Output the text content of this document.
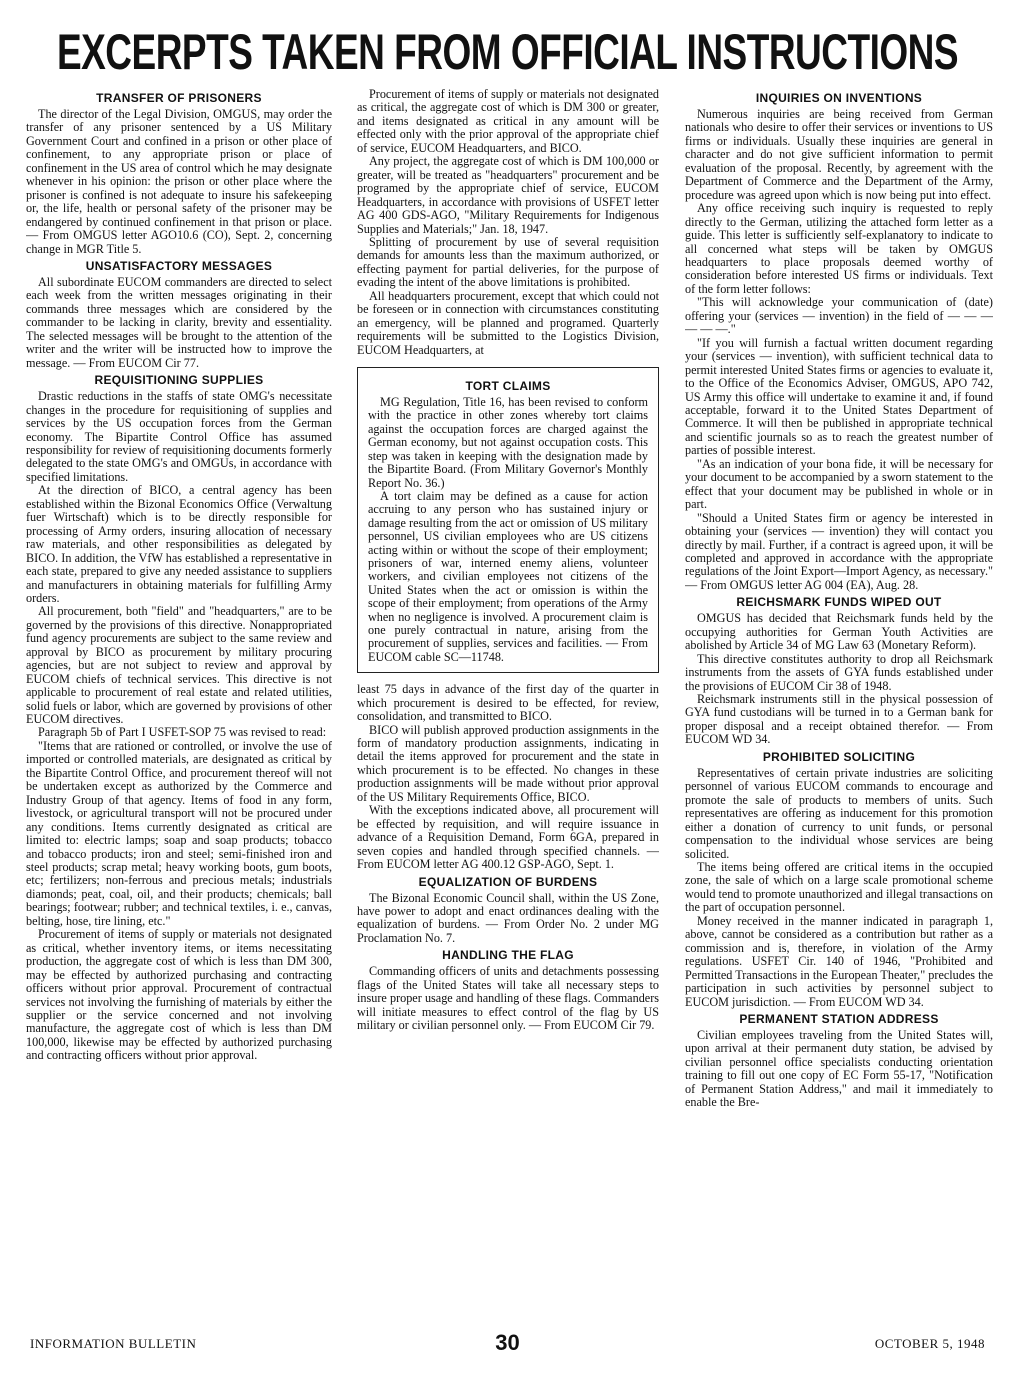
EXCERPTS TAKEN FROM OFFICIAL INSTRUCTIONS
TRANSFER OF PRISONERS

The director of the Legal Division, OMGUS, may order the transfer of any prisoner sentenced by a US Military Government Court and confined in a prison or other place of confinement, to any appropriate prison or place of confinement in the US area of control which he may designate whenever in his opinion: the prison or other place where the prisoner is confined is not adequate to insure his safekeeping or, the life, health or personal safety of the prisoner may be endangered by continued confinement in that prison or place. — From OMGUS letter AGO10.6 (CO), Sept. 2, concerning change in MGR Title 5.

UNSATISFACTORY MESSAGES

All subordinate EUCOM commanders are directed to select each week from the written messages originating in their commands three messages which are considered by the commander to be lacking in clarity, brevity and essentiality. The selected messages will be brought to the attention of the writer and the writer will be instructed how to improve the message. — From EUCOM Cir 77.

REQUISITIONING SUPPLIES

Drastic reductions in the staffs of state OMG's necessitate changes in the procedure for requisitioning of supplies and services by the US occupation forces from the German economy. The Bipartite Control Office has assumed responsibility for review of requisitioning documents formerly delegated to the state OMG's and OMGUs, in accordance with specified limitations.

At the direction of BICO, a central agency has been established within the Bizonal Economics Office (Verwaltung fuer Wirtschaft) which is to be directly responsible for processing of Army orders, insuring allocation of necessary raw materials, and other responsibilities as delegated by BICO. In addition, the VfW has established a representative in each state, prepared to give any needed assistance to suppliers and manufacturers in obtaining materials for fulfilling Army orders.

All procurement, both "field" and "headquarters," are to be governed by the provisions of this directive. Nonappropriated fund agency procurements are subject to the same review and approval by BICO as procurement by military procuring agencies, but are not subject to review and approval by EUCOM chiefs of technical services. This directive is not applicable to procurement of real estate and related utilities, solid fuels or labor, which are governed by provisions of other EUCOM directives.

Paragraph 5b of Part I USFET-SOP 75 was revised to read:

"Items that are rationed or controlled, or involve the use of imported or controlled materials, are designated as critical by the Bipartite Control Office, and procurement thereof will not be undertaken except as authorized by the Commerce and Industry Group of that agency. Items of food in any form, livestock, or agricultural transport will not be procured under any conditions. Items currently designated as critical are limited to: electric lamps; soap and soap products; tobacco and tobacco products; iron and steel; semi-finished iron and steel products; scrap metal; heavy working boots, gum boots, etc; fertilizers; non-ferrous and precious metals; industrials diamonds; peat, coal, oil, and their products; chemicals; ball bearings; footwear; rubber; and technical textiles, i. e., canvas, belting, hose, tire lining, etc."

Procurement of items of supply or materials not designated as critical, whether inventory items, or items necessitating production, the aggregate cost of which is less than DM 300, may be effected by authorized purchasing and contracting officers without prior approval. Procurement of contractual services not involving the furnishing of materials by either the supplier or the service concerned and not involving manufacture, the aggregate cost of which is less than DM 100,000, likewise may be effected by authorized purchasing and contracting officers without prior approval.

Procurement of items of supply or materials not designated as critical, the aggregate cost of which is DM 300 or greater, and items designated as critical in any amount will be effected only with the prior approval of the appropriate chief of service, EUCOM Headquarters, and BICO.

Any project, the aggregate cost of which is DM 100,000 or greater, will be treated as "headquarters" procurement and be programed by the appropriate chief of service, EUCOM Headquarters, in accordance with provisions of USFET letter AG 400 GDS-AGO, "Military Requirements for Indigenous Supplies and Materials;" Jan. 18, 1947.

Splitting of procurement by use of several requisition demands for amounts less than the maximum authorized, or effecting payment for partial deliveries, for the purpose of evading the intent of the above limitations is prohibited.

All headquarters procurement, except that which could not be foreseen or in connection with circumstances constituting an emergency, will be planned and programed. Quarterly requirements will be submitted to the Logistics Division, EUCOM Headquarters, at

TORT CLAIMS

MG Regulation, Title 16, has been revised to conform with the practice in other zones whereby tort claims against the occupation forces are charged against the German economy, but not against occupation costs. This step was taken in keeping with the designation made by the Bipartite Board. (From Military Governor's Monthly Report No. 36.)

A tort claim may be defined as a cause for action accruing to any person who has sustained injury or damage resulting from the act or omission of US military personnel, US civilian employees who are US citizens acting within or without the scope of their employment; prisoners of war, interned enemy aliens, volunteer workers, and civilian employees not citizens of the United States when the act or omission is within the scope of their employment; from operations of the Army when no negligence is involved. A procurement claim is one purely contractual in nature, arising from the procurement of supplies, services and facilities. — From EUCOM cable SC—11748.

least 75 days in advance of the first day of the quarter in which procurement is desired to be effected, for review, consolidation, and transmitted to BICO.

BICO will publish approved production assignments in the form of mandatory production assignments, indicating in detail the items approved for procurement and the state in which procurement is to be effected. No changes in these production assignments will be made without prior approval of the US Military Requirements Office, BICO.

With the exceptions indicated above, all procurement will be effected by requisition, and will require issuance in advance of a Requisition Demand, Form 6GA, prepared in seven copies and handled through specified channels. — From EUCOM letter AG 400.12 GSP-AGO, Sept. 1.

EQUALIZATION OF BURDENS

The Bizonal Economic Council shall, within the US Zone, have power to adopt and enact ordinances dealing with the equalization of burdens. — From Order No. 2 under MG Proclamation No. 7.

HANDLING THE FLAG

Commanding officers of units and detachments possessing flags of the United States will take all necessary steps to insure proper usage and handling of these flags. Commanders will initiate measures to effect control of the flag by US military or civilian personnel only. — From EUCOM Cir 79.

INQUIRIES ON INVENTIONS

Numerous inquiries are being received from German nationals who desire to offer their services or inventions to US firms or individuals. Usually these inquiries are general in character and do not give sufficient information to permit evaluation of the proposal. Recently, by agreement with the Department of Commerce and the Department of the Army, procedure was agreed upon which is now being put into effect.

Any office receiving such inquiry is requested to reply directly to the German, utilizing the attached form letter as a guide. This letter is sufficiently self-explanatory to indicate to all concerned what steps will be taken by OMGUS headquarters to place proposals deemed worthy of consideration before interested US firms or individuals. Text of the form letter follows:

"This will acknowledge your communication of (date) offering your (services — invention) in the field of — — — — — —."

"If you will furnish a factual written document regarding your (services — invention), with sufficient technical data to permit interested United States firms or agencies to evaluate it, to the Office of the Economics Adviser, OMGUS, APO 742, US Army this office will undertake to examine it and, if found acceptable, forward it to the United States Department of Commerce. It will then be published in appropriate technical and scientific journals so as to reach the greatest number of parties of possible interest.

"As an indication of your bona fide, it will be necessary for your document to be accompanied by a sworn statement to the effect that your document may be published in whole or in part.

"Should a United States firm or agency be interested in obtaining your (services — invention) they will contact you directly by mail. Further, if a contract is agreed upon, it will be completed and approved in accordance with the appropriate regulations of the Joint Export—Import Agency, as necessary." — From OMGUS letter AG 004 (EA), Aug. 28.

REICHSMARK FUNDS WIPED OUT

OMGUS has decided that Reichsmark funds held by the occupying authorities for German Youth Activities are abolished by Article 34 of MG Law 63 (Monetary Reform).

This directive constitutes authority to drop all Reichsmark instruments from the assets of GYA funds established under the provisions of EUCOM Cir 38 of 1948.

Reichsmark instruments still in the physical possession of GYA fund custodians will be turned in to a German bank for proper disposal and a receipt obtained therefor. — From EUCOM WD 34.

PROHIBITED SOLICITING

Representatives of certain private industries are soliciting personnel of various EUCOM commands to encourage and promote the sale of products to members of units. Such representatives are offering as inducement for this promotion either a donation of currency to unit funds, or personal compensation to the individual whose services are being solicited.

The items being offered are critical items in the occupied zone, the sale of which on a large scale promotional scheme would tend to promote unauthorized and illegal transactions on the part of occupation personnel.

Money received in the manner indicated in paragraph 1, above, cannot be considered as a contribution but rather as a commission and is, therefore, in violation of the Army regulations. USFET Cir. 140 of 1946, "Prohibited and Permitted Transactions in the European Theater," precludes the participation in such activities by personnel subject to EUCOM jurisdiction. — From EUCOM WD 34.

PERMANENT STATION ADDRESS

Civilian employees traveling from the United States will, upon arrival at their permanent duty station, be advised by civilian personnel office specialists conducting orientation training to fill out one copy of EC Form 55-17, "Notification of Permanent Station Address," and mail it immediately to enable the Bre-

INFORMATION BULLETIN	30	OCTOBER 5, 1948
